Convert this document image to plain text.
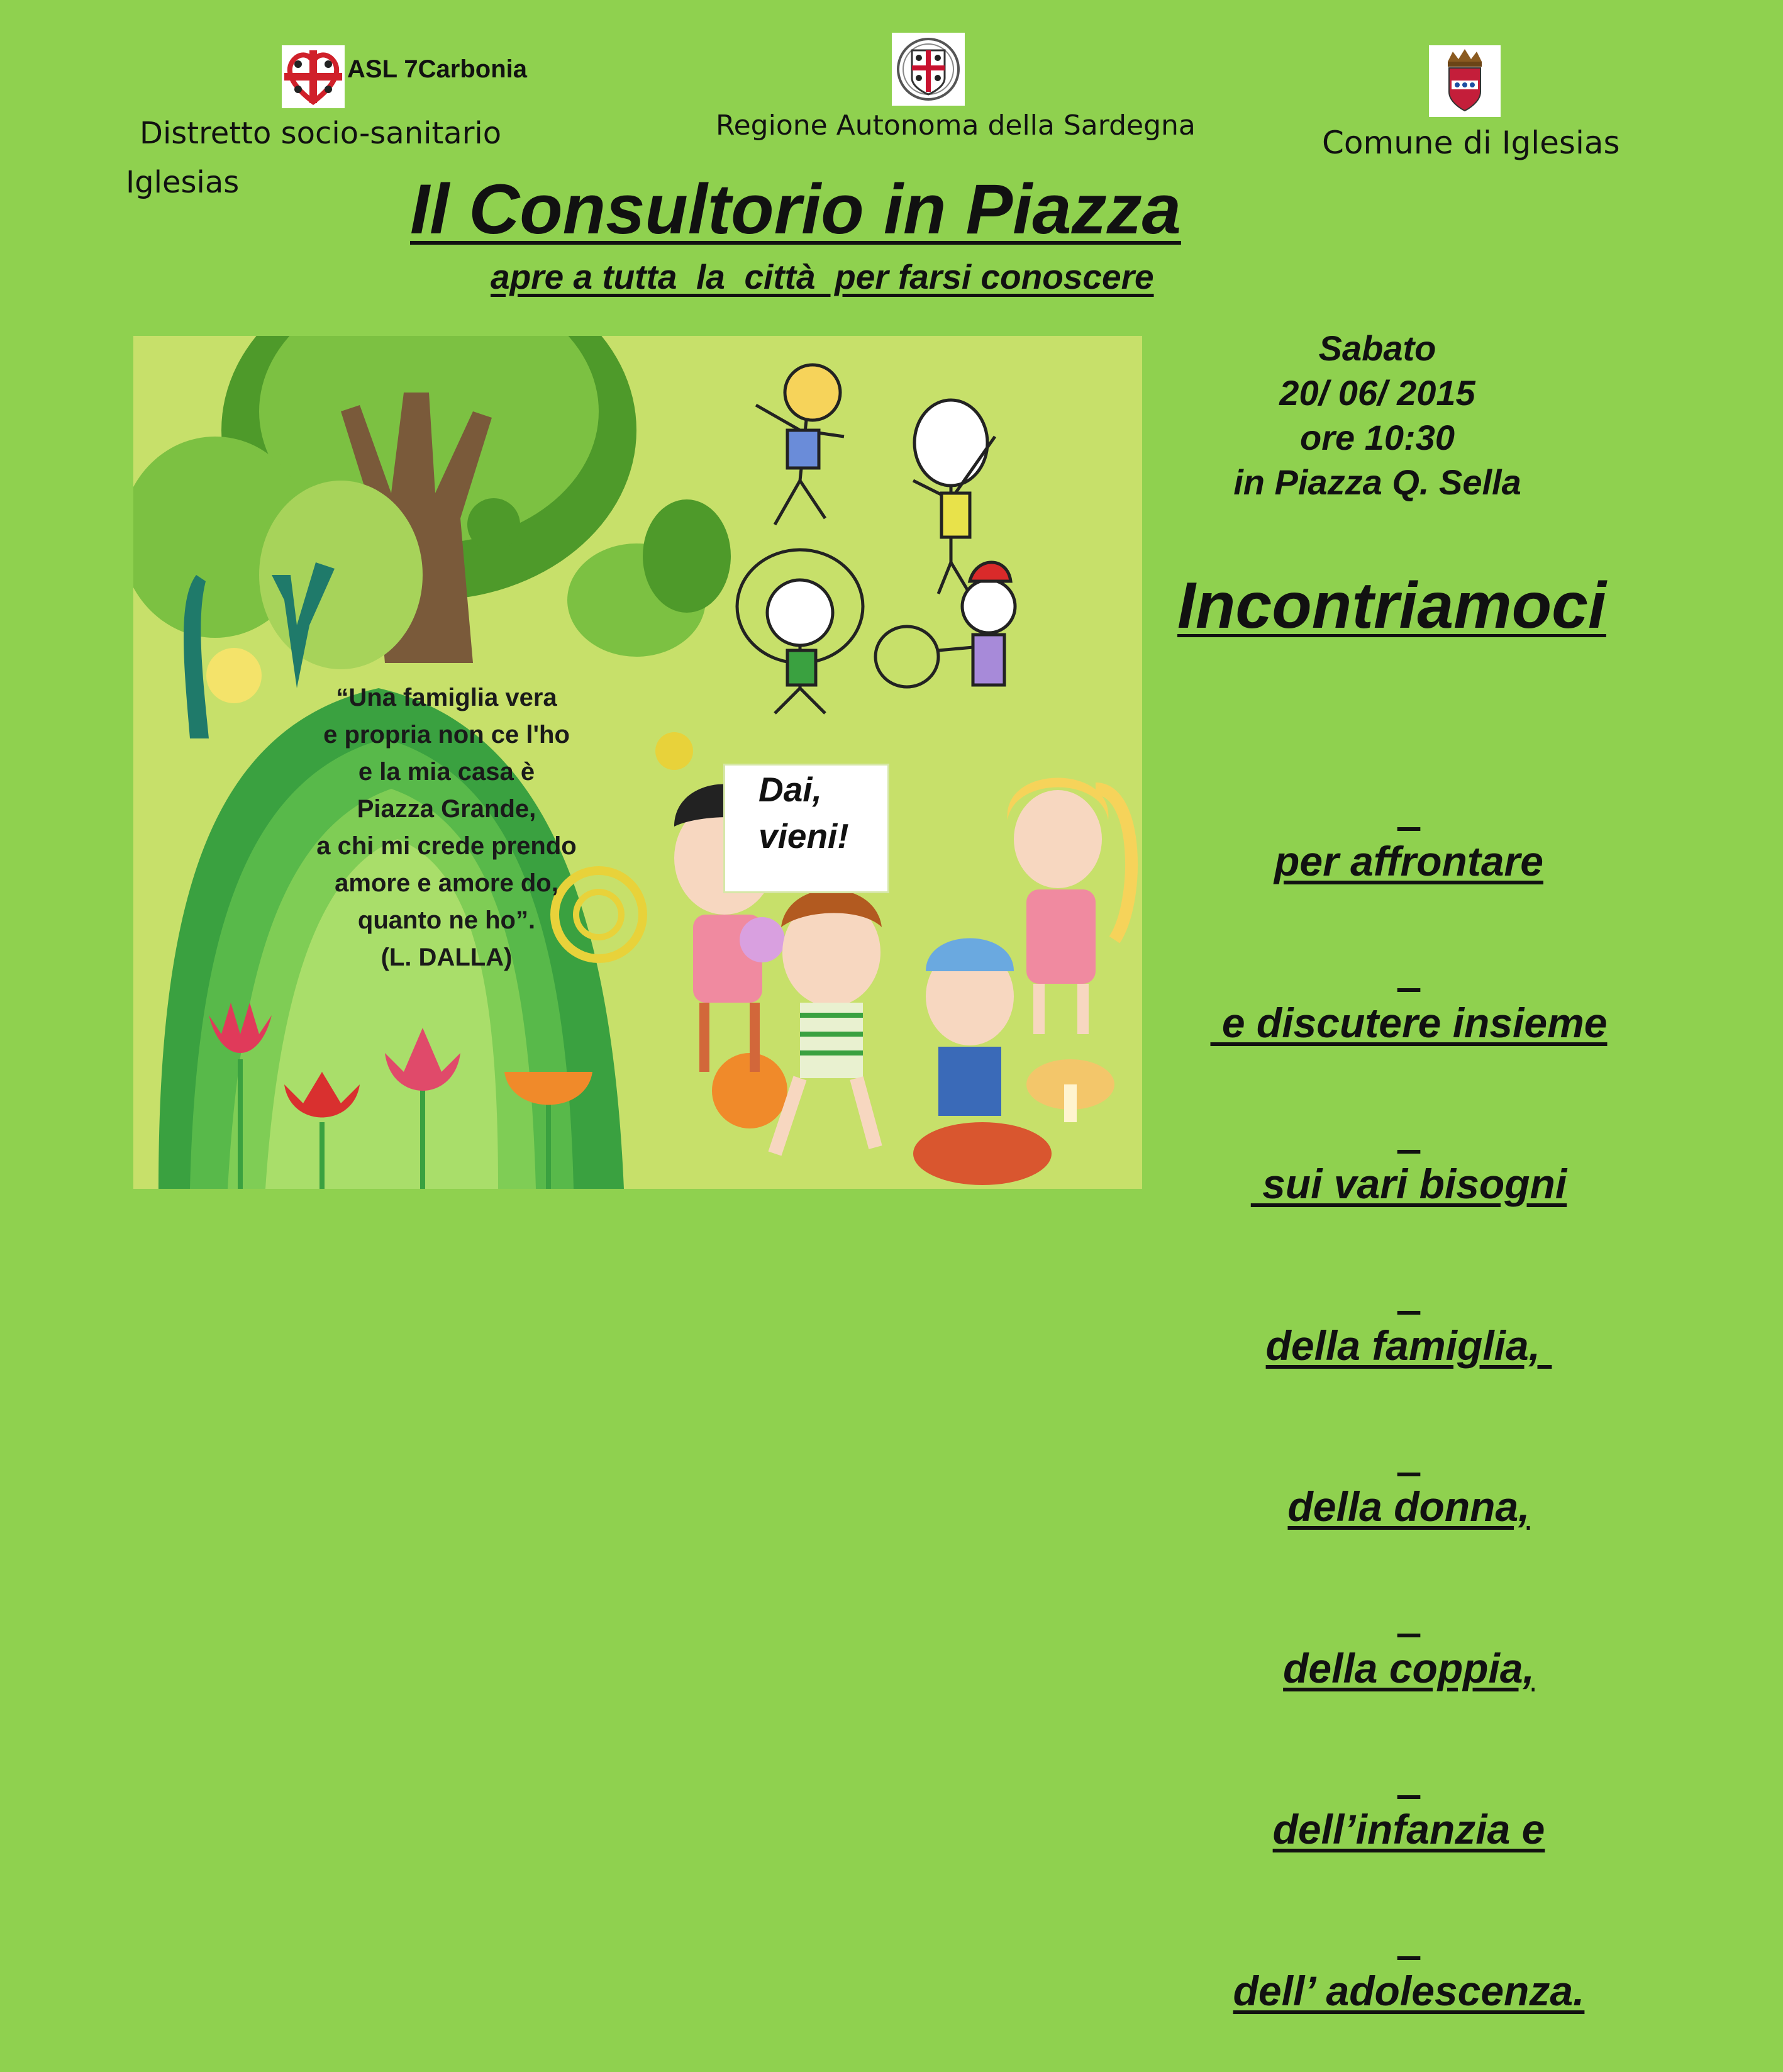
ASL 7Carbonia
Distretto socio-sanitario
Iglesias
Regione Autonoma della Sardegna	Comune di Iglesias
Il Consultorio in Piazza
apre a tutta  la  città  per farsi conoscere
“Una famiglia vera
e propria non ce l'ho
e la mia casa è
Piazza Grande,
a chi mi crede prendo
amore e amore do,
quanto ne ho”.
(L. DALLA)
Dai,
vieni!
Sabato
20/ 06/ 2015
ore 10:30
in Piazza Q. Sella
Incontriamoci

per affrontare

e discutere insieme

sui vari bisogni

della famiglia,

della donna,

della coppia,

dell’infanzia e

dell’ adolescenza.
